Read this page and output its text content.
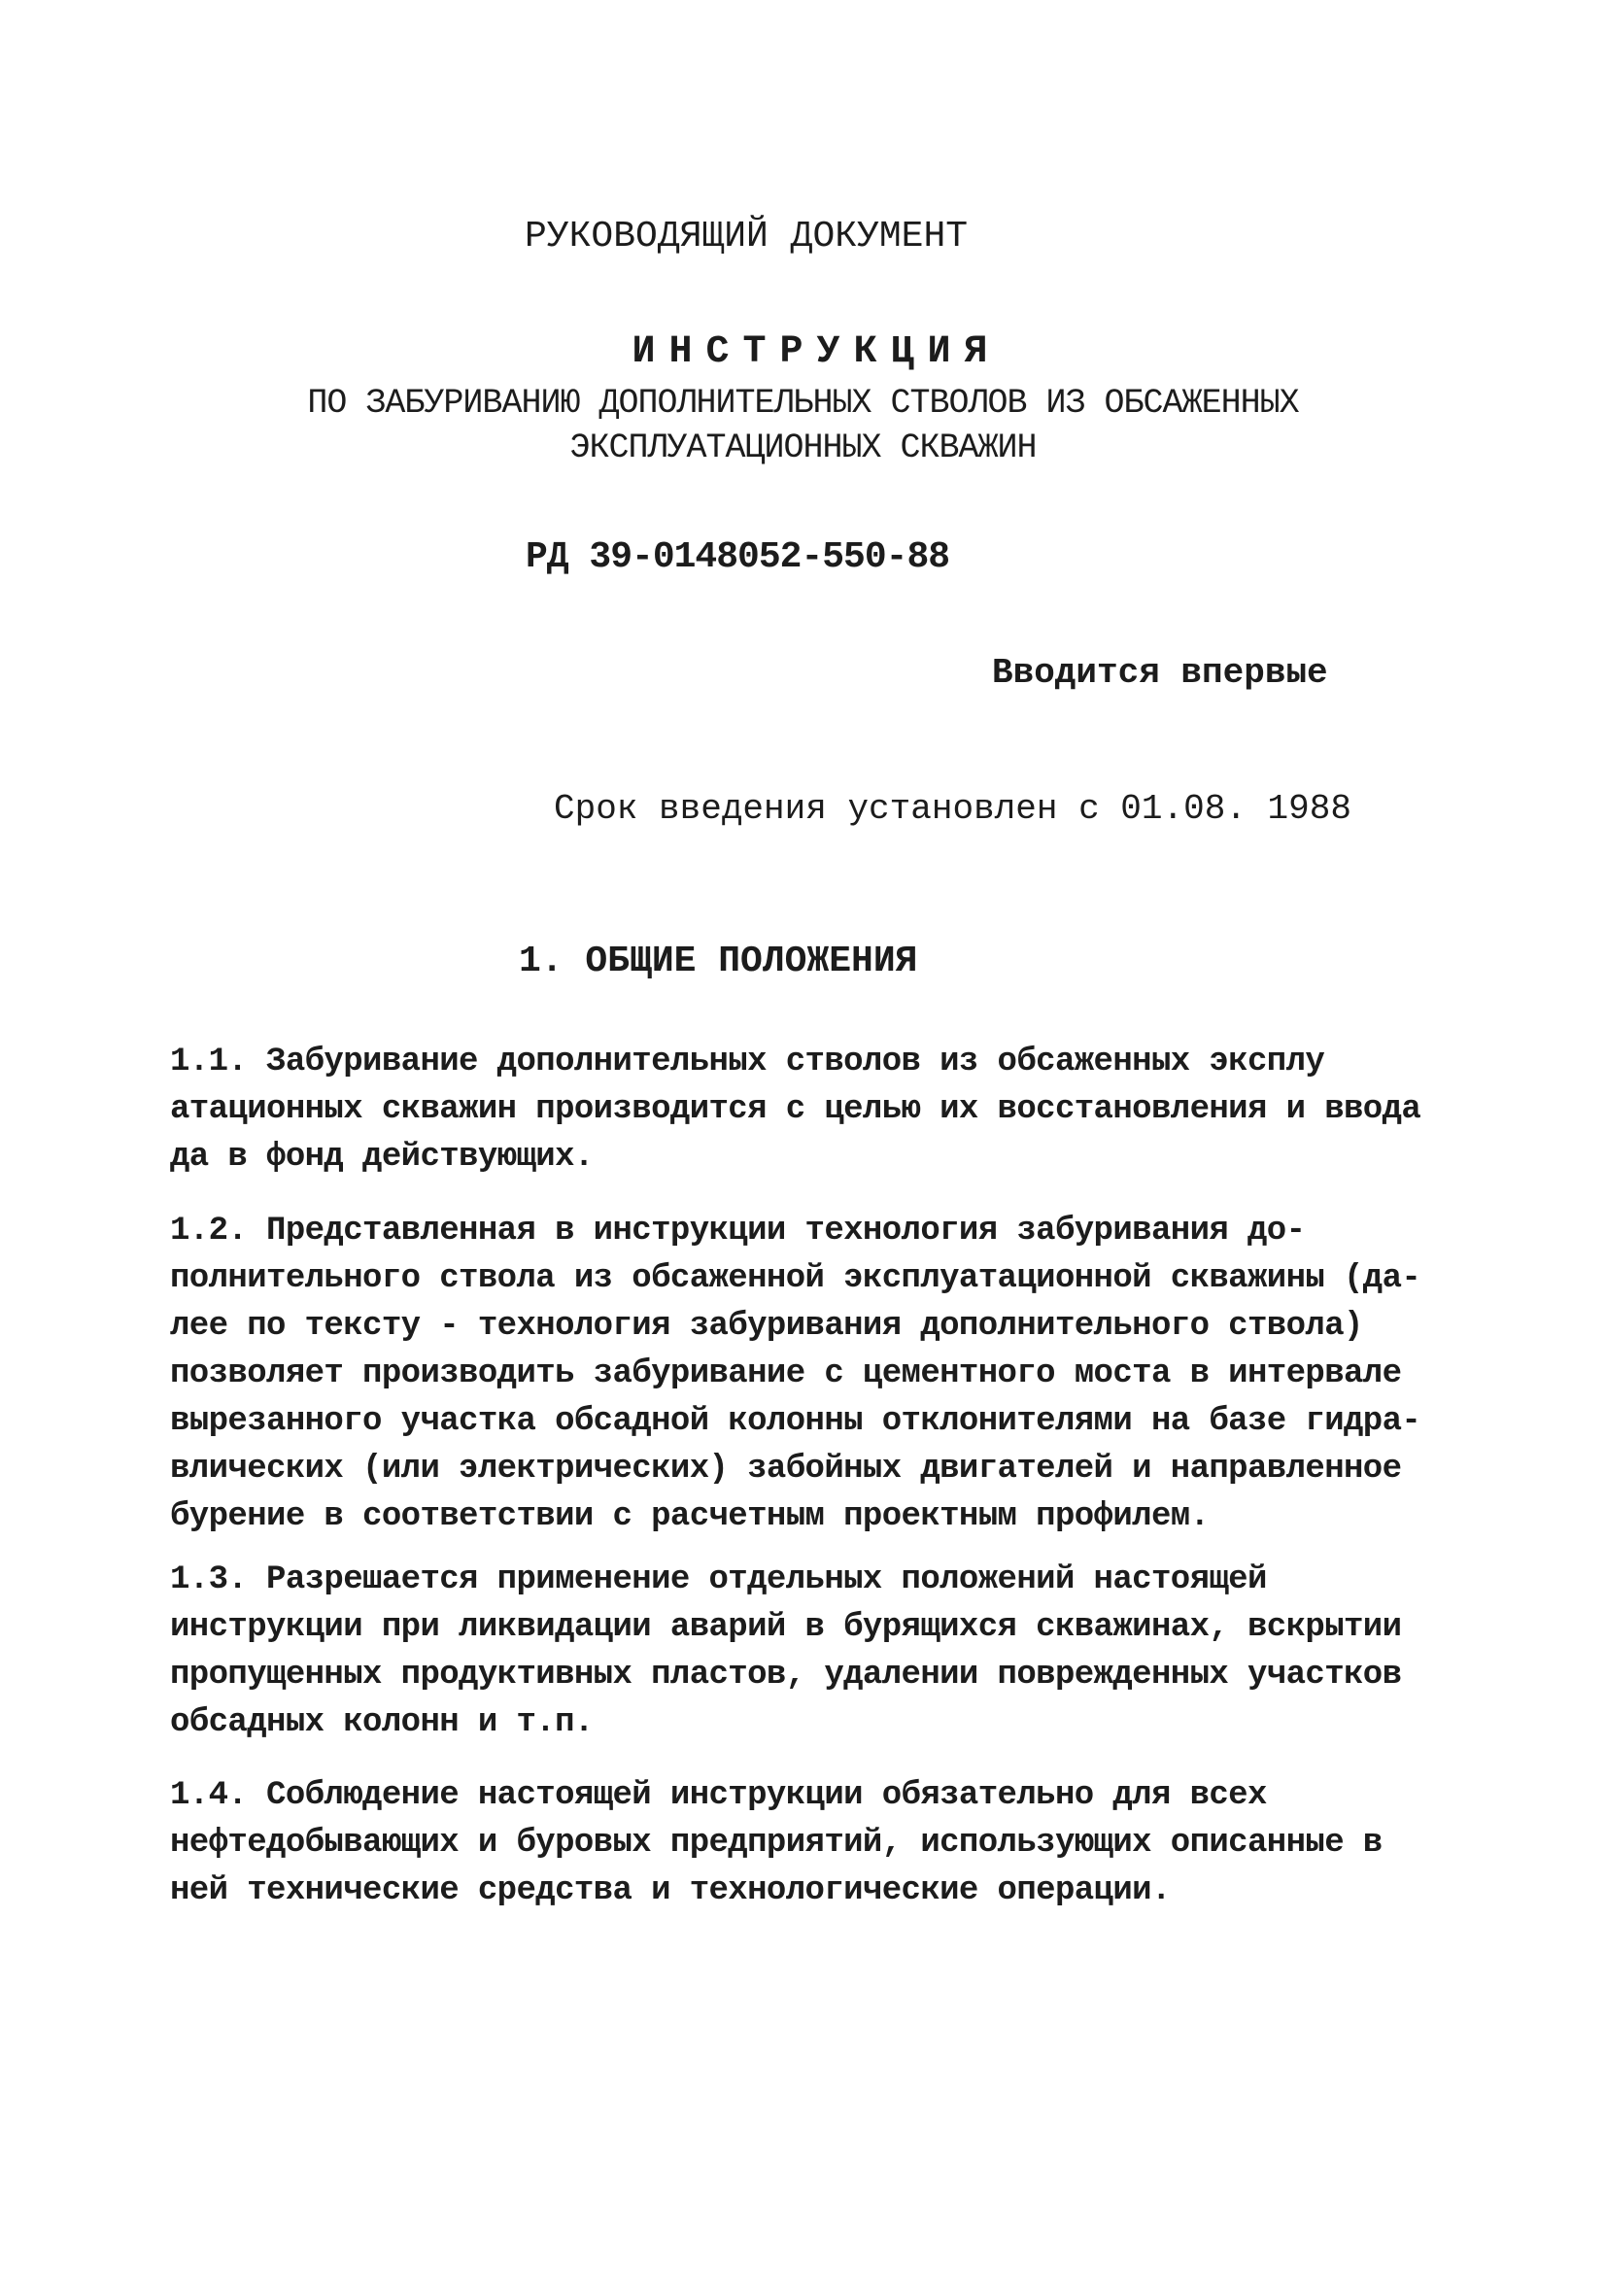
РУКОВОДЯЩИЙ ДОКУМЕНТ
ИНСТРУКЦИЯ
ПО ЗАБУРИВАНИЮ ДОПОЛНИТЕЛЬНЫХ СТВОЛОВ ИЗ ОБСАЖЕННЫХ
ЭКСПЛУАТАЦИОННЫХ СКВАЖИН
РД 39-0148052-550-88
Вводится впервые
Срок введения установлен с 01.08. 1988
1. ОБЩИЕ ПОЛОЖЕНИЯ
1.1. Забуривание дополнительных стволов из обсаженных эксплу
атационных скважин производится с целью их восстановления и ввода
да в фонд действующих.
1.2. Представленная в инструкции технология забуривания до-
полнительного ствола из обсаженной эксплуатационной скважины (да-
лее по тексту - технология забуривания дополнительного ствола)
позволяет производить забуривание с цементного моста в интервале
вырезанного участка обсадной колонны отклонителями на базе гидра-
влических (или электрических) забойных двигателей и направленное
бурение в соответствии с расчетным проектным профилем.
1.3. Разрешается применение отдельных положений настоящей
инструкции при ликвидации аварий в бурящихся скважинах, вскрытии
пропущенных продуктивных пластов, удалении поврежденных участков
обсадных колонн и т.п.
1.4. Соблюдение настоящей инструкции обязательно для всех
нефтедобывающих и буровых предприятий, использующих описанные в
ней технические средства и технологические операции.
